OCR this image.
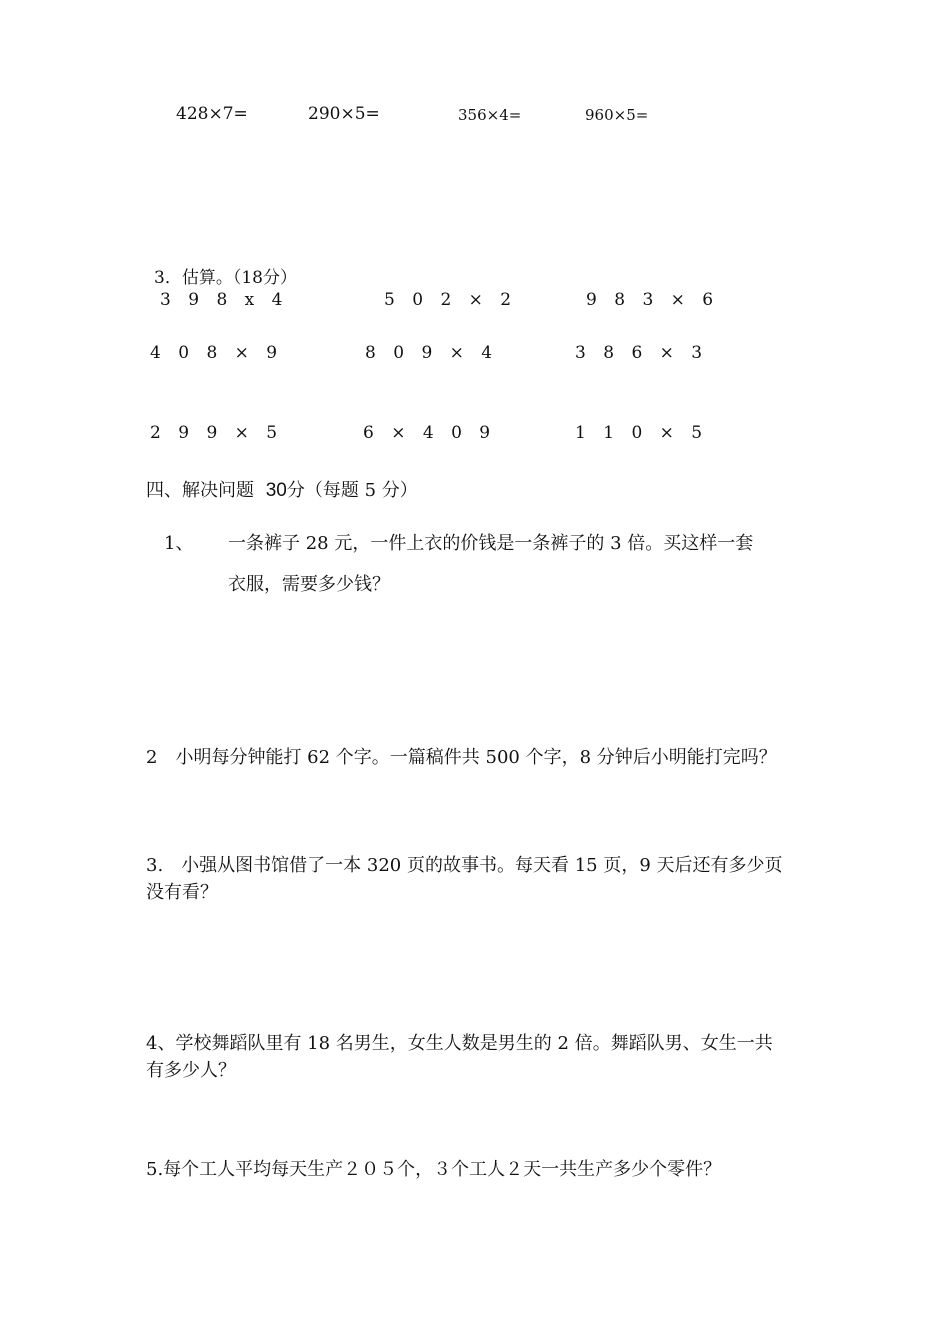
428×7=	290×5=	356×4=	960×5=
3．估算。（18分）
3 9 8 x 4	5 0 2 × 2	9 8 3 × 6
4 0 8 × 9	8 0 9 × 4	3 8 6 × 3
2 9 9 × 5	6 × 4 0 9	1 1 0 × 5
四、解决问题 30分（每题 5 分）
1、 一条裤子 28 元，一件上衣的价钱是一条裤子的 3 倍。买这样一套
衣服，需要多少钱？
2　小明每分钟能打 62 个字。一篇稿件共 500 个字，8 分钟后小明能打完吗？
3.　小强从图书馆借了一本 320 页的故事书。每天看 15 页，9 天后还有多少页
没有看？
4、学校舞蹈队里有 18 名男生，女生人数是男生的 2 倍。舞蹈队男、女生一共
有多少人？
5.每个工人平均每天生产２０５个，３个工人２天一共生产多少个零件？
